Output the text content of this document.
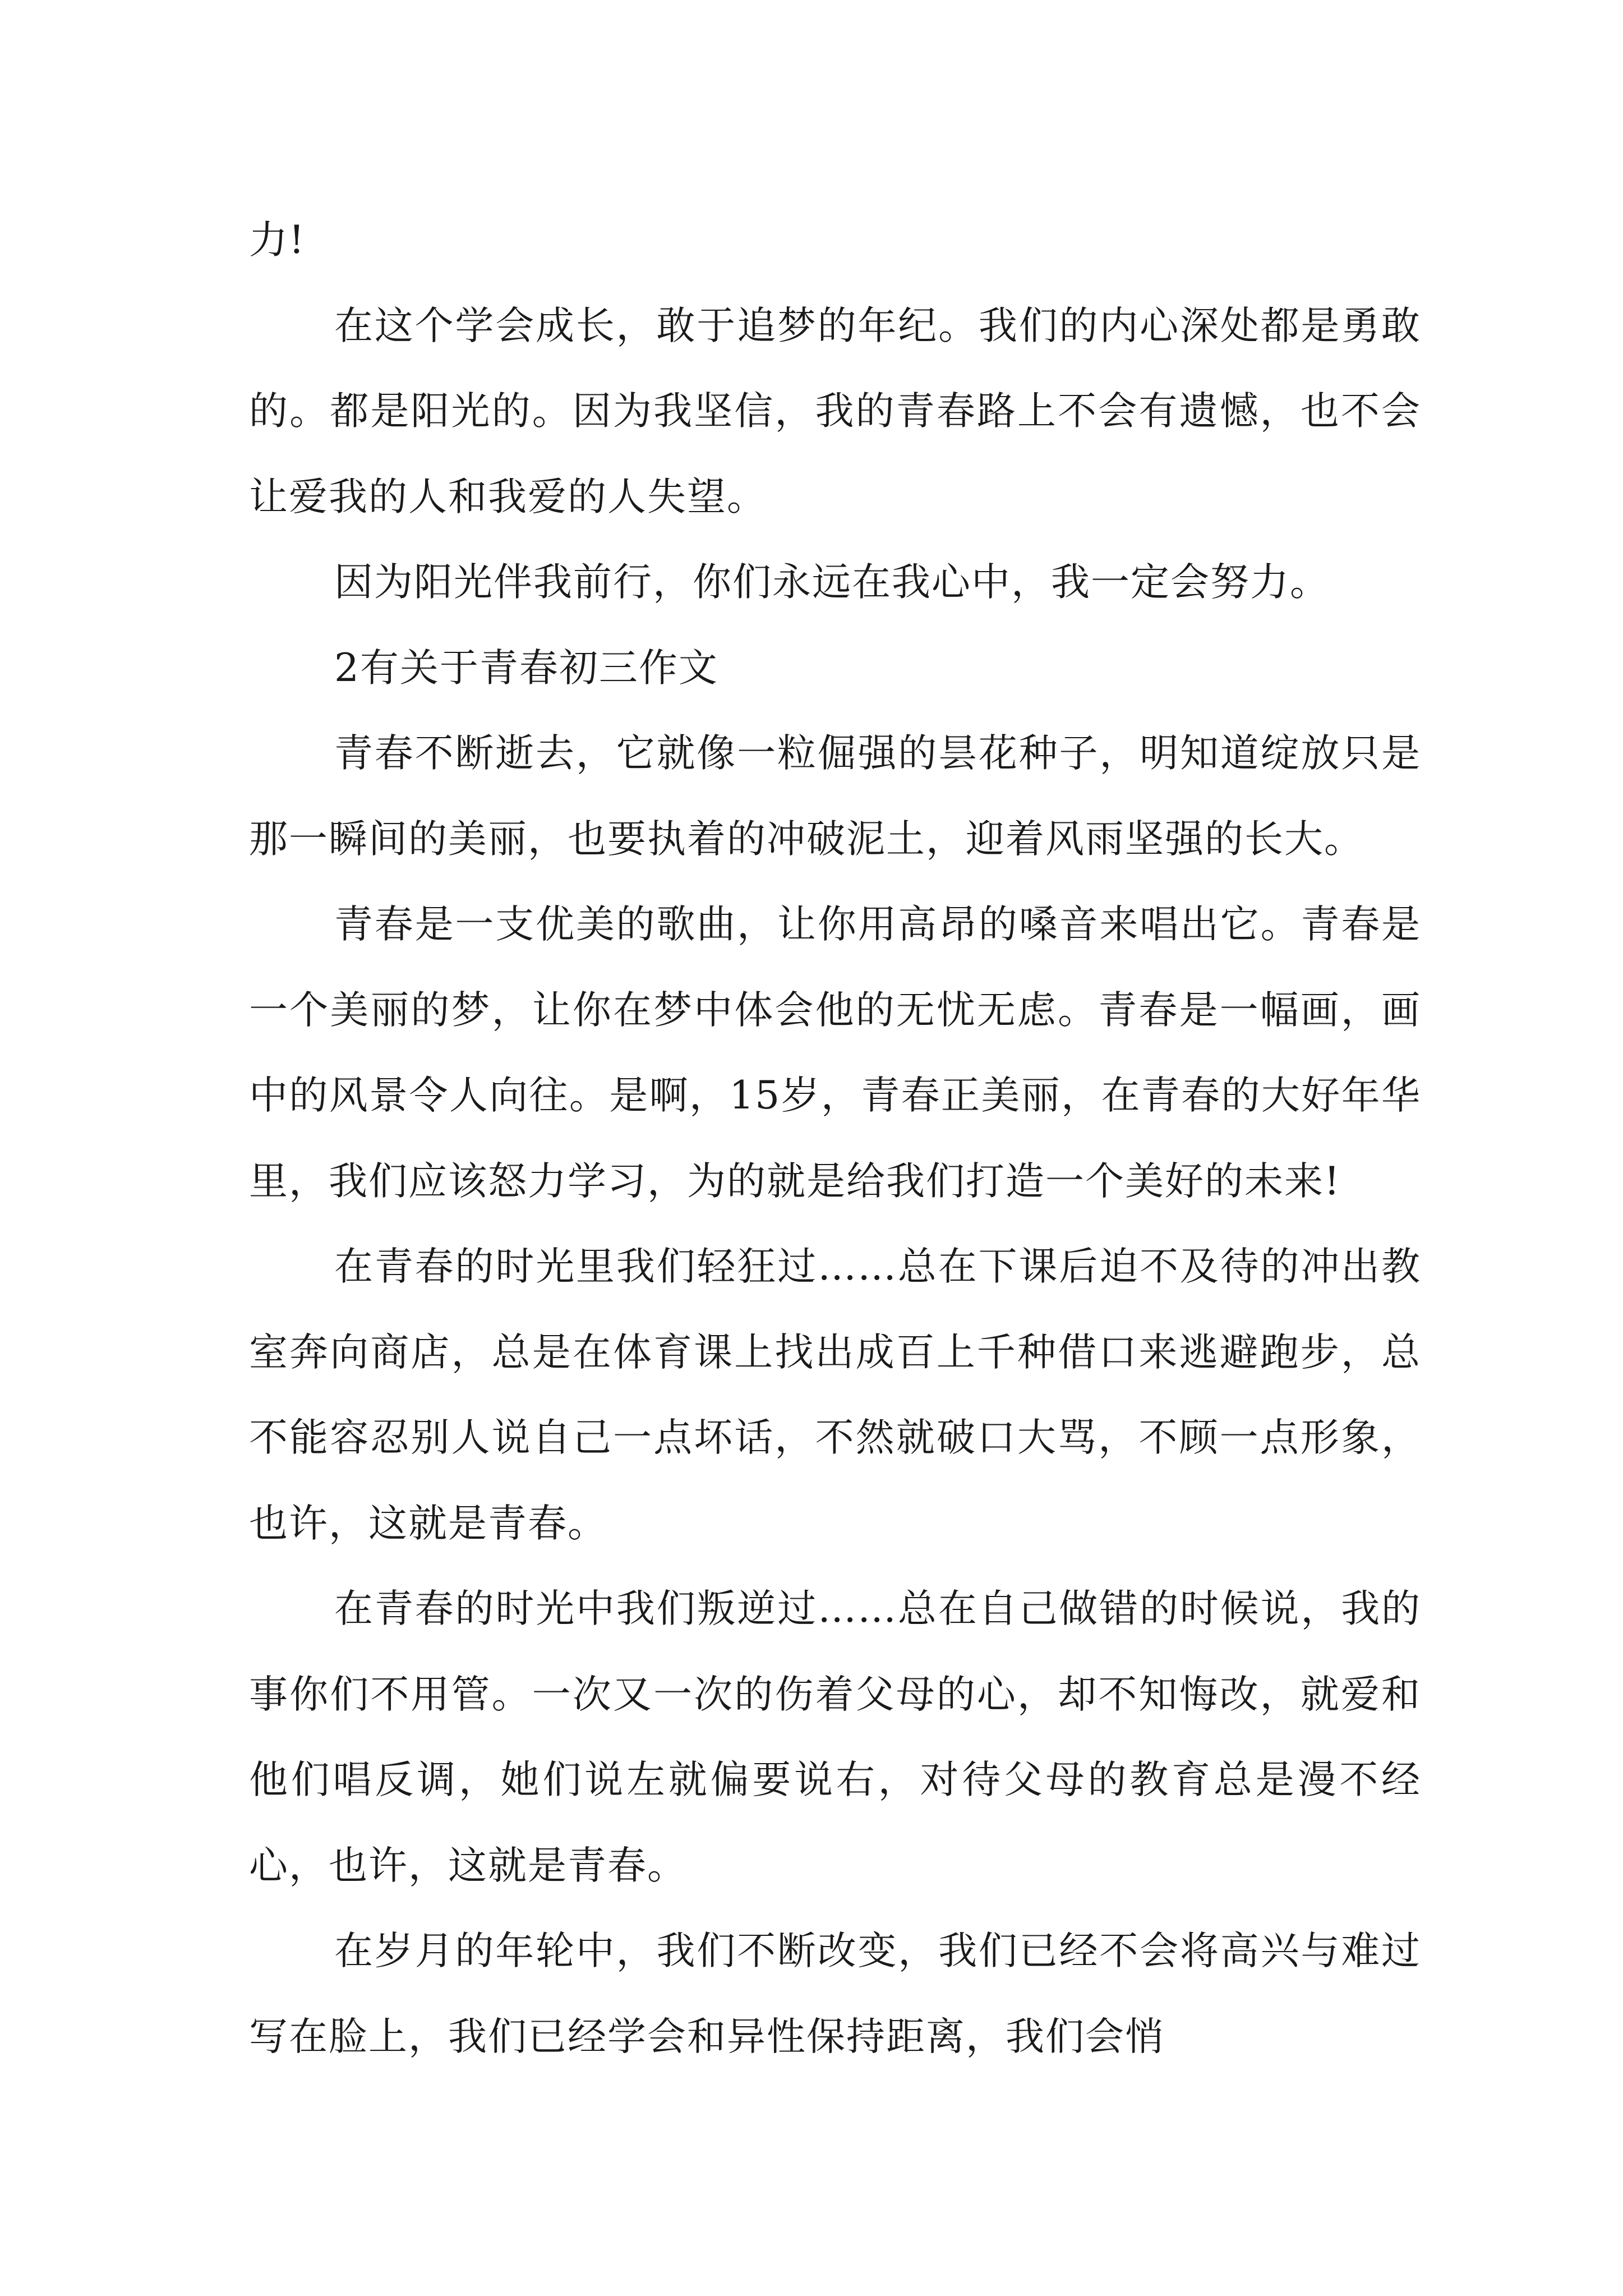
力!

在这个学会成长，敢于追梦的年纪。我们的内心深处都是勇敢的。都是阳光的。因为我坚信，我的青春路上不会有遗憾，也不会让爱我的人和我爱的人失望。

因为阳光伴我前行，你们永远在我心中，我一定会努力。

2有关于青春初三作文

青春不断逝去，它就像一粒倔强的昙花种子，明知道绽放只是那一瞬间的美丽，也要执着的冲破泥土，迎着风雨坚强的长大。

青春是一支优美的歌曲，让你用高昂的嗓音来唱出它。青春是一个美丽的梦，让你在梦中体会他的无忧无虑。青春是一幅画，画中的风景令人向往。是啊，15岁，青春正美丽，在青春的大好年华里，我们应该怒力学习，为的就是给我们打造一个美好的未来!

在青春的时光里我们轻狂过……总在下课后迫不及待的冲出教室奔向商店，总是在体育课上找出成百上千种借口来逃避跑步，总不能容忍别人说自己一点坏话，不然就破口大骂，不顾一点形象，也许，这就是青春。

在青春的时光中我们叛逆过……总在自己做错的时候说，我的事你们不用管。一次又一次的伤着父母的心，却不知悔改，就爱和他们唱反调，她们说左就偏要说右，对待父母的教育总是漫不经心，也许，这就是青春。

在岁月的年轮中，我们不断改变，我们已经不会将高兴与难过写在脸上，我们已经学会和异性保持距离，我们会悄
